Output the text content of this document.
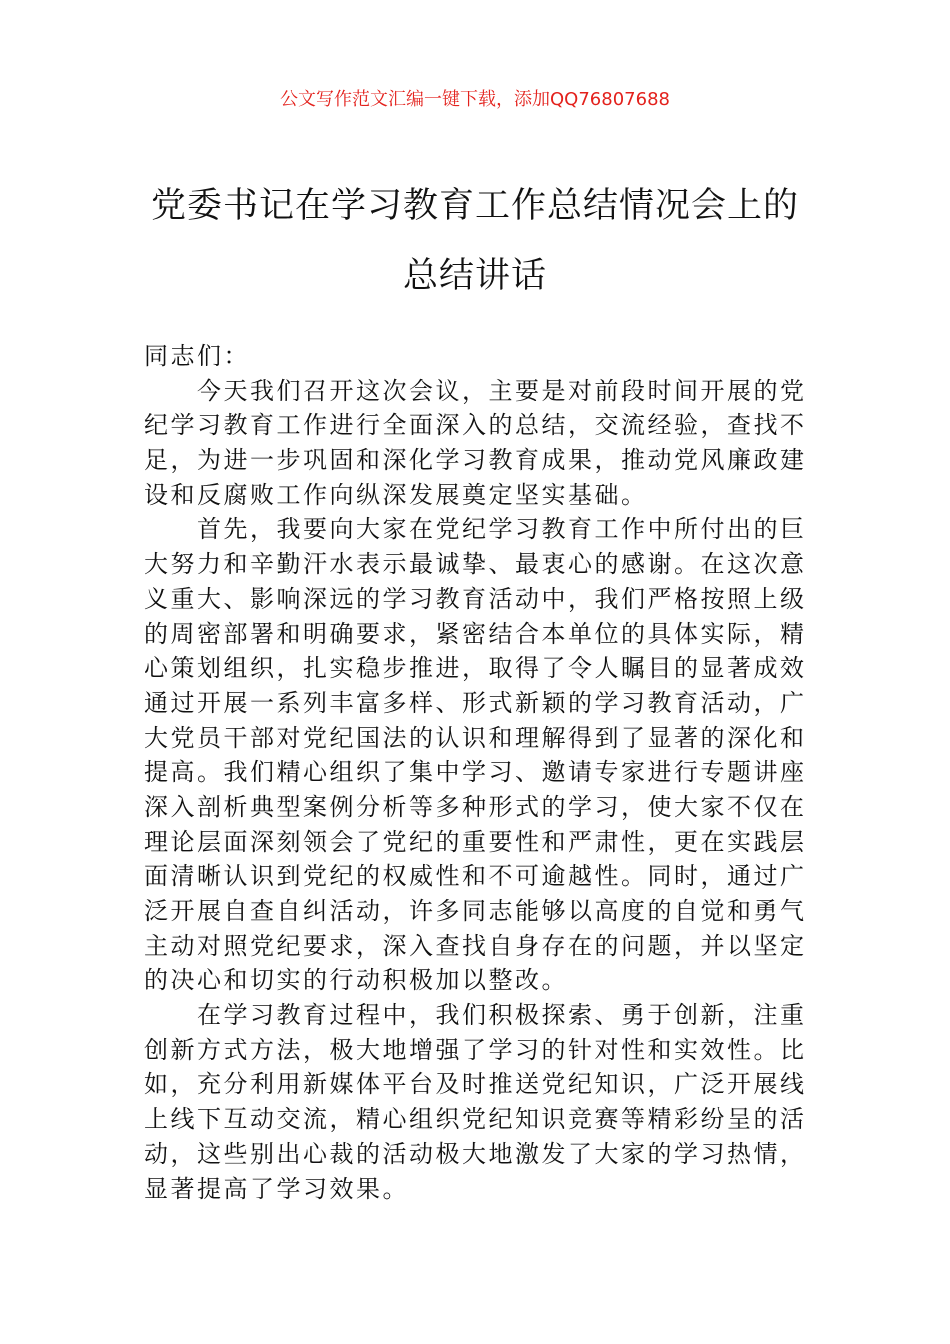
公文写作范文汇编一键下载，添加QQ76807688
党委书记在学习教育工作总结情况会上的
总结讲话
同志们：
今天我们召开这次会议，主要是对前段时间开展的党
纪学习教育工作进行全面深入的总结，交流经验，查找不
足，为进一步巩固和深化学习教育成果，推动党风廉政建
设和反腐败工作向纵深发展奠定坚实基础。
首先，我要向大家在党纪学习教育工作中所付出的巨
大努力和辛勤汗水表示最诚挚、最衷心的感谢。在这次意
义重大、影响深远的学习教育活动中，我们严格按照上级
的周密部署和明确要求，紧密结合本单位的具体实际，精
心策划组织，扎实稳步推进，取得了令人瞩目的显著成效
通过开展一系列丰富多样、形式新颖的学习教育活动，广
大党员干部对党纪国法的认识和理解得到了显著的深化和
提高。我们精心组织了集中学习、邀请专家进行专题讲座
深入剖析典型案例分析等多种形式的学习，使大家不仅在
理论层面深刻领会了党纪的重要性和严肃性，更在实践层
面清晰认识到党纪的权威性和不可逾越性。同时，通过广
泛开展自查自纠活动，许多同志能够以高度的自觉和勇气
主动对照党纪要求，深入查找自身存在的问题，并以坚定
的决心和切实的行动积极加以整改。
在学习教育过程中，我们积极探索、勇于创新，注重
创新方式方法，极大地增强了学习的针对性和实效性。比
如，充分利用新媒体平台及时推送党纪知识，广泛开展线
上线下互动交流，精心组织党纪知识竞赛等精彩纷呈的活
动，这些别出心裁的活动极大地激发了大家的学习热情，
显著提高了学习效果。
